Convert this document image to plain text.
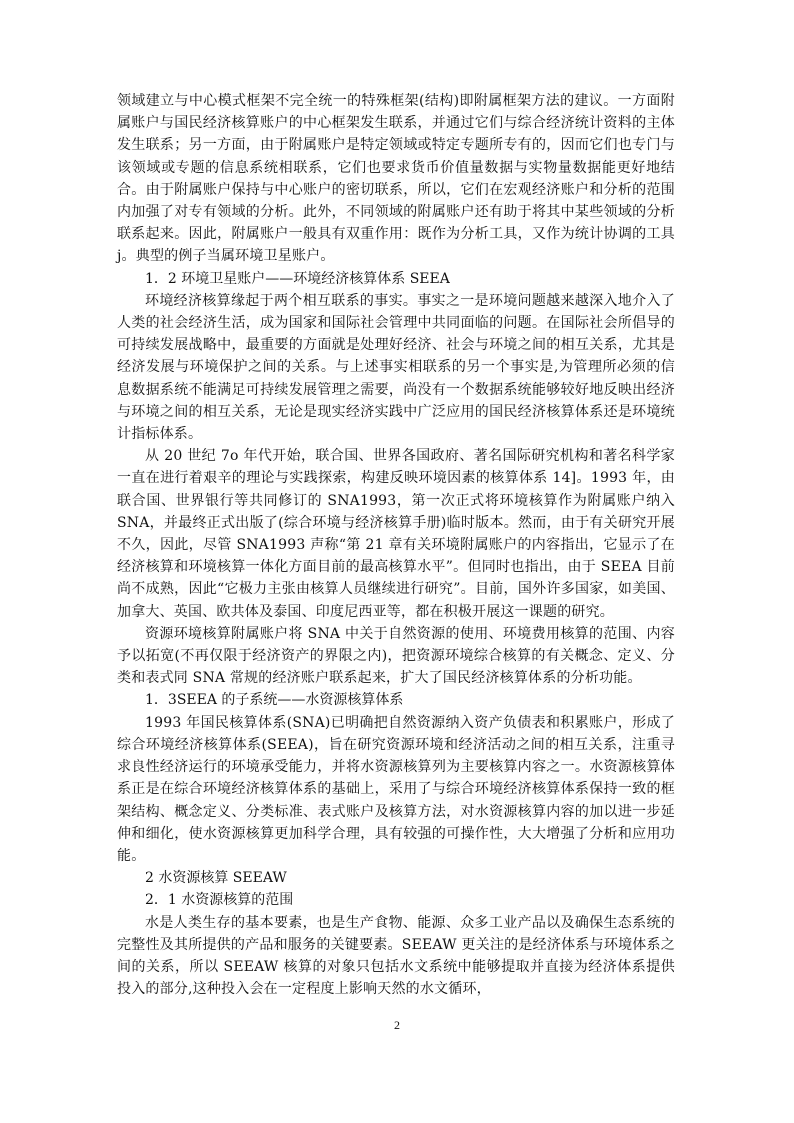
领域建立与中心模式框架不完全统一的特殊框架(结构)即附属框架方法的建议。一方面附属账户与国民经济核算账户的中心框架发生联系，并通过它们与综合经济统计资料的主体发生联系；另一方面，由于附属账户是特定领域或特定专题所专有的，因而它们也专门与该领域或专题的信息系统相联系，它们也要求货币价值量数据与实物量数据能更好地结合。由于附属账户保持与中心账户的密切联系，所以，它们在宏观经济账户和分析的范围内加强了对专有领域的分析。此外，不同领域的附属账户还有助于将其中某些领域的分析联系起来。因此，附属账户一般具有双重作用：既作为分析工具，又作为统计协调的工具 j。典型的例子当属环境卫星账户。

1．2 环境卫星账户——环境经济核算体系 SEEA

环境经济核算缘起于两个相互联系的事实。事实之一是环境问题越来越深入地介入了人类的社会经济生活，成为国家和国际社会管理中共同面临的问题。在国际社会所倡导的可持续发展战略中，最重要的方面就是处理好经济、社会与环境之间的相互关系，尤其是经济发展与环境保护之间的关系。与上述事实相联系的另一个事实是,为管理所必须的信息数据系统不能满足可持续发展管理之需要，尚没有一个数据系统能够较好地反映出经济与环境之间的相互关系，无论是现实经济实践中广泛应用的国民经济核算体系还是环境统计指标体系。

从 20 世纪 7o 年代开始，联合国、世界各国政府、著名国际研究机构和著名科学家一直在进行着艰辛的理论与实践探索，构建反映环境因素的核算体系 14]。1993 年，由联合国、世界银行等共同修订的 SNA1993，第一次正式将环境核算作为附属账户纳入 SNA，并最终正式出版了(综合环境与经济核算手册)临时版本。然而，由于有关研究开展不久，因此，尽管 SNA1993 声称“第 21 章有关环境附属账户的内容指出，它显示了在经济核算和环境核算一体化方面目前的最高核算水平”。但同时也指出，由于 SEEA 目前尚不成熟，因此“它极力主张由核算人员继续进行研究”。目前，国外许多国家，如美国、加拿大、英国、欧共体及泰国、印度尼西亚等，都在积极开展这一课题的研究。

资源环境核算附属账户将 SNA 中关于自然资源的使用、环境费用核算的范围、内容予以拓宽(不再仅限于经济资产的界限之内)，把资源环境综合核算的有关概念、定义、分类和表式同 SNA 常规的经济账户联系起来，扩大了国民经济核算体系的分析功能。

1．3SEEA 的子系统——水资源核算体系

1993 年国民核算体系(SNA)已明确把自然资源纳入资产负债表和积累账户，形成了综合环境经济核算体系(SEEA)，旨在研究资源环境和经济活动之间的相互关系，注重寻求良性经济运行的环境承受能力，并将水资源核算列为主要核算内容之一。水资源核算体系正是在综合环境经济核算体系的基础上，采用了与综合环境经济核算体系保持一致的框架结构、概念定义、分类标准、表式账户及核算方法，对水资源核算内容的加以进一步延伸和细化，使水资源核算更加科学合理，具有较强的可操作性，大大增强了分析和应用功能。

2 水资源核算 SEEAW

2．1 水资源核算的范围

水是人类生存的基本要素，也是生产食物、能源、众多工业产品以及确保生态系统的完整性及其所提供的产品和服务的关键要素。SEEAW 更关注的是经济体系与环境体系之间的关系，所以 SEEAW 核算的对象只包括水文系统中能够提取并直接为经济体系提供投入的部分,这种投入会在一定程度上影响天然的水文循环，

2
